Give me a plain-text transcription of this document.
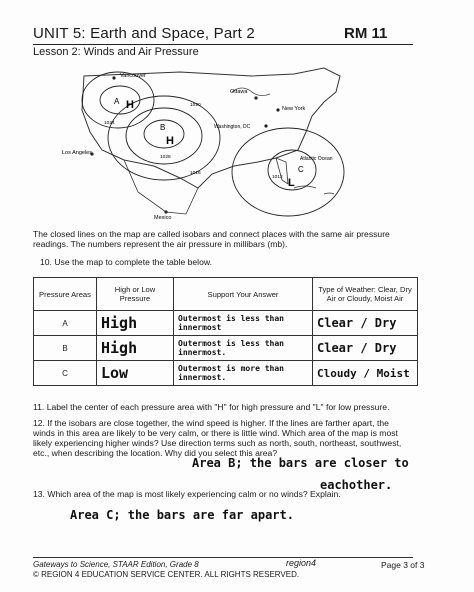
UNIT 5: Earth and Space, Part 2	RM 11
Lesson 2: Winds and Air Pressure
Vancouver
Ottawa
New York
Washington, DC
Los Angeles
Mexico
Atlantic Ocean
1024
1020
1028
1012
1016
A
B
C
H
H
L
The closed lines on the map are called isobars and connect places with the same air pressure readings. The numbers represent the air pressure in millibars (mb).
10. Use the map to complete the table below.
Pressure Areas	High or Low Pressure	Support Your Answer	Type of Weather: Clear, Dry Air or Cloudy, Moist Air
A	High	Outermost is less than innermost	Clear / Dry
B	High	Outermost is less than innermost.	Clear / Dry
C	Low	Outermost is more than innermost.	Cloudy / Moist
11. Label the center of each pressure area with "H" for high pressure and "L" for low pressure.
12. If the isobars are close together, the wind speed is higher. If the lines are farther apart, the winds in this area are likely to be very calm, or there is little wind. Which area of the map is most likely experiencing higher winds? Use direction terms such as north, south, northeast, southwest, etc., when describing the location. Why did you select this area?
Area B; the bars are closer to
eachother.
13. Which area of the map is most likely experiencing calm or no winds? Explain.
Area C; the bars are far apart.
Gateways to Science, STAAR Edition, Grade 8
© REGION 4 EDUCATION SERVICE CENTER. ALL RIGHTS RESERVED.
region4	Page 3 of 3
